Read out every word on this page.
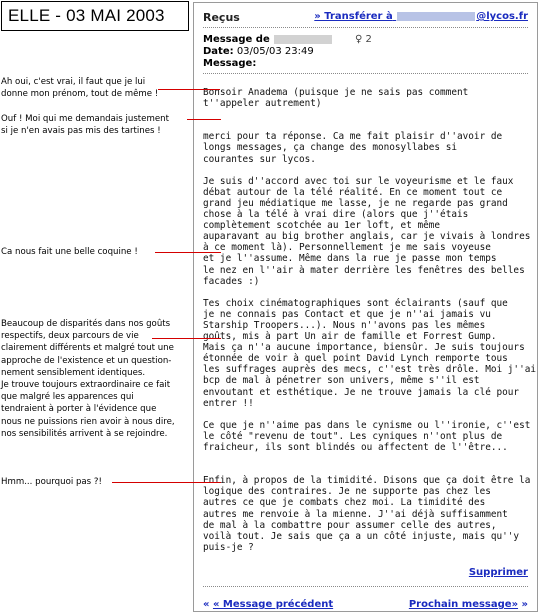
ELLE - 03 MAI 2003	Reçus	» Transférer à	@lycos.fr
Message de	♀ 2
Date: 03/05/03 23:49
Message:
Bonsoir Anadema (puisque je ne sais pas comment
t''appeler autrement)

merci pour ta réponse. Ca me fait plaisir d''avoir de
longs messages, ça change des monosyllabes si
courantes sur lycos.

Je suis d''accord avec toi sur le voyeurisme et le faux
débat autour de la télé réalité. En ce moment tout ce
grand jeu médiatique me lasse, je ne regarde pas grand
chose à la télé à vrai dire (alors que j''étais
complètement scotchée au 1er loft, et même
auparavant au big brother anglais, car je vivais à londres
à ce moment là). Personnellement je me sais voyeuse
et je l''assume. Même dans la rue je passe mon temps
le nez en l''air à mater derrière les fenêtres des belles
facades :)

Tes choix cinématographiques sont éclairants (sauf que
je ne connais pas Contact et que je n''ai jamais vu
Starship Troopers...). Nous n''avons pas les mêmes
goûts, mis à part Un air de famille et Forrest Gump.
Mais ça n''a aucune importance, biensûr. Je suis toujours
étonnée de voir à quel point David Lynch remporte tous
les suffrages auprès des mecs, c''est très drôle. Moi j''ai
bcp de mal à pénetrer son univers, même s''il est
envoutant et esthétique. Je ne trouve jamais la clé pour
entrer !!

Ce que je n''aime pas dans le cynisme ou l''ironie, c''est
le côté "revenu de tout". Les cyniques n''ont plus de
fraicheur, ils sont blindés ou affectent de l''être...

Enfin, à propos de la timidité. Disons que ça doit être la
logique des contraires. Je ne supporte pas chez les
autres ce que je combats chez moi. La timidité des
autres me renvoie à la mienne. J''ai déjà suffisamment
de mal à la combattre pour assumer celle des autres,
voilà tout. Je sais que ça a un côté injuste, mais qu''y
puis-je ?
Supprimer
« « Message précédent	Prochain message» »
Ah oui, c'est vrai, il faut que je lui
donne mon prénom, tout de même !
Ouf ! Moi qui me demandais justement
si je n'en avais pas mis des tartines !
Ca nous fait une belle coquine !
Beaucoup de disparités dans nos goûts
respectifs, deux parcours de vie
clairement différents et malgré tout une
approche de l'existence et un question-
nement sensiblement identiques.
Je trouve toujours extraordinaire ce fait
que malgré les apparences qui
tendraient à porter à l'évidence que
nous ne puissions rien avoir à nous dire,
nos sensibilités arrivent à se rejoindre.
Hmm... pourquoi pas ?!
